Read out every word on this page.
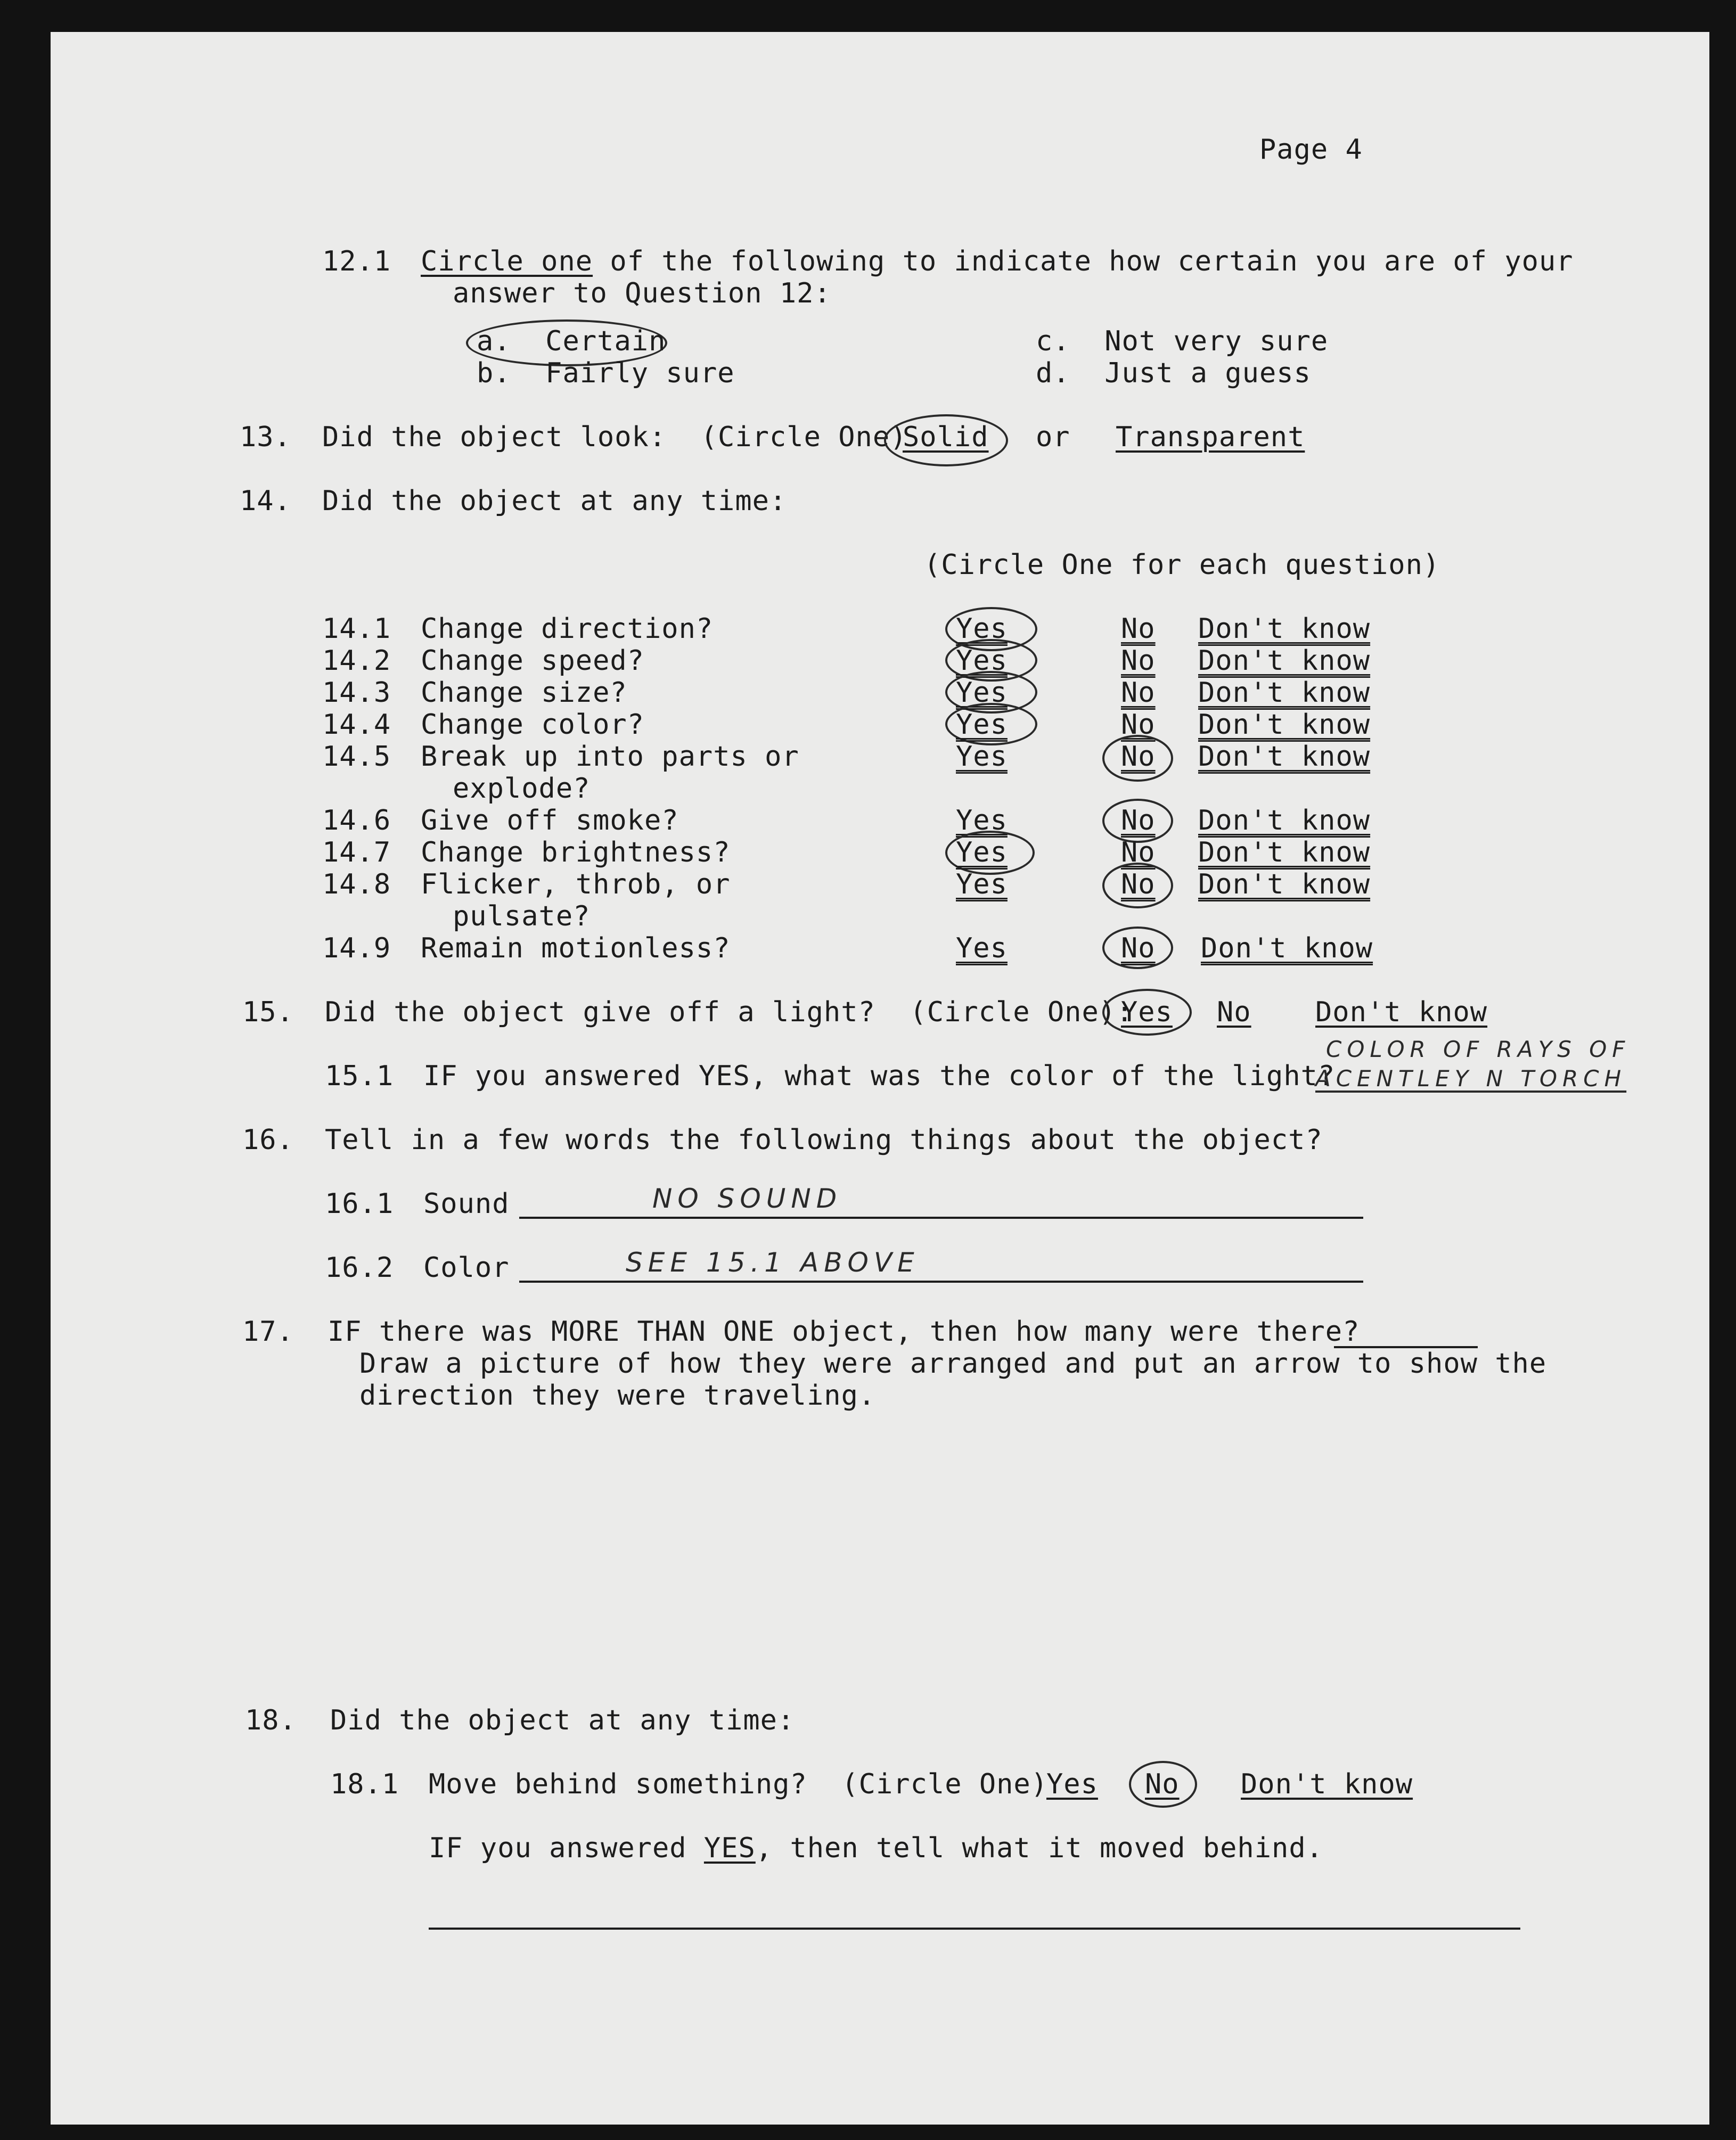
Page 4
12.1 Circle one of the following to indicate how certain you are of your
answer to Question 12:
a.  Certain
b.  Fairly sure
c.  Not very sure
d.  Just a guess
13. Did the object look:  (Circle One)
Solid or Transparent
14. Did the object at any time:
(Circle One for each question)
14.1 Change direction?	Yes	No Don't know
14.2 Change speed?	Yes	No Don't know
14.3 Change size?	Yes	No Don't know
14.4 Change color?	Yes	No Don't know
14.5 Break up into parts or
explode?
Yes	No Don't know
14.6 Give off smoke?	Yes	No Don't know
14.7 Change brightness?	Yes	No Don't know
14.8 Flicker, throb, or
pulsate?
Yes	No Don't know
14.9 Remain motionless?	Yes	No Don't know
15. Did the object give off a light?  (Circle One):
Yes No Don't know
15.1 IF you answered YES, what was the color of the light?
COLOR OF RAYS OF
ACENTLEY N TORCH
16. Tell in a few words the following things about the object?
16.1 Sound	NO SOUND
16.2 Color	SEE 15.1 ABOVE
17. IF there was MORE THAN ONE object, then how many were there?
Draw a picture of how they were arranged and put an arrow to show the
direction they were traveling.
18. Did the object at any time:
18.1 Move behind something?  (Circle One)
Yes No Don't know
IF you answered YES, then tell what it moved behind.
